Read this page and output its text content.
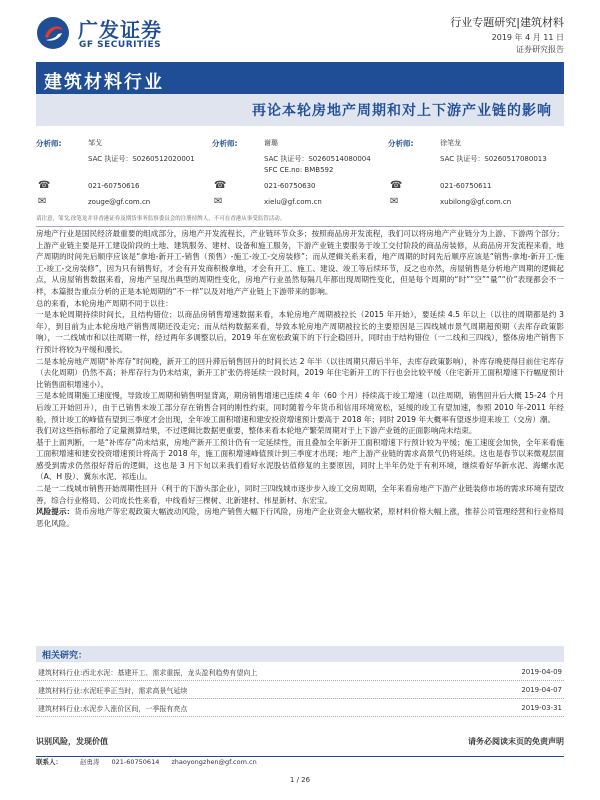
广发证券
GF SECURITIES
行业专题研究|建筑材料
2019 年 4 月 11 日
证券研究报告
建筑材料行业
再论本轮房地产周期和对上下游产业链的影响
分析师:	邹戈
SAC 执证号：S0260512020001
☎	021-60750616
✉	zouge@gf.com.cn
分析师:	谢璐
SAC 执证号：S0260514080004
SFC CE.no: BMB592
☎	021-60750630
✉	xielu@gf.com.cn
分析师:	徐笔龙
SAC 执证号：S0260517080013
☎	021-60750611
✉	xubilong@gf.com.cn
请注意，邹戈,徐笔龙并非香港证券及期货事务监察委员会的注册持牌人，不可在香港从事受监管活动。

房地产行业是国民经济最重要的组成部分，房地产开发流程长，产业链环节众多；按照商品房开发流程，我们可以将房地产产业链分为上游、下游两个部分；上游产业链主要是开工建设阶段的土地、建筑服务、建材、设备和施工服务，下游产业链主要服务于竣工交付阶段的商品房装修，从商品房开发流程来看，地产周期的时间先后顺序应该是“拿地-新开工-销售（预售）-施工-竣工-交房装修”；而从逻辑关系来看，地产周期的时间先后顺序应该是“销售-拿地-新开工-施工-竣工-交房装修”，因为只有销售好，才会有开发商积极拿地，才会有开工、施工、建设、竣工等后续环节，反之也亦然，房屋销售是分析地产周期的逻辑起点，从房屋销售数据来看，房地产呈现出典型的周期性变化，房地产行业虽然每隔几年都出现周期性变化，但是每个周期的“时”“空”“量”“价”表现都会不一样，本篇报告重点分析的正是本轮周期的“不一样”以及对地产产业链上下游带来的影响。

总的来看，本轮房地产周期不同于以往：

一是本轮周期持续时间长，且结构错位；以商品房销售增速数据来看，本轮房地产周期被拉长（2015 年开始），要延续 4.5 年以上（以往的周期都是约 3 年），到目前为止本轮房地产销售周期还没走完；而从结构数据来看，导致本轮房地产周期被拉长的主要原因是三四线城市景气周期超预期（去库存政策影响），一二线城市和以往周期一样，经过两年多调整以后，2019 年在宽松政策下的下行企稳回升，同时由于结构错位（一二线和三四线），整体房地产销售下行预计将较为平缓和漫长。

二是本轮房地产周期“补库存”时间晚，新开工的回升滞后销售回升的时间长达 2 年半（以往周期只滞后半年，去库存政策影响），补库存晚使得目前住宅库存（去化周期）仍然不高；补库存行为仍未结束，新开工扩张仍将延续一段时间，2019 年住宅新开工的下行也会比较平缓（住宅新开工面积增速下行幅度预计比销售面积增速小）。

三是本轮周期施工速度慢，导致竣工周期和销售明显背离，期房销售增速已连续 4 年（60 个月）持续高于竣工增速（以往周期，销售回升后大概 15-24 个月后竣工开始回升），由于已销售未竣工部分存在销售合同的刚性约束，同时随着今年货币和信用环境宽松，延缓的竣工有望加速，参照 2010 年-2011 年经验，预计竣工的峰值有望到三季度才会出现，全年竣工面积增速和建安投资增速预计要高于 2018 年；同时 2019 年大概率有望逐步迎来竣工（交房）潮。

我们对这些指标都给了定量测算结果，不过逻辑比数据更重要，整体来看本轮地产繁荣周期对于上下游产业链的正面影响尚未结束。

基于上面判断，一是“补库存”尚未结束，房地产新开工预计仍有一定延续性，而且叠加全年新开工面积增速下行预计较为平缓；施工速度会加快，全年来看施工面积增速和建安投资增速预计将高于 2018 年，施工面积增速峰值预计到三季度才出现；地产上游产业链的需求高景气仍将延续。这也是春节以来微观层面感受到需求仍然很好背后的逻辑，这也是 3 月下旬以来我们看好水泥股估值修复的主要原因，同时上半年仍处于有利环境，继续看好华新水泥、海螺水泥（A、H 股）、冀东水泥、祁连山。

二是一二线城市销售开始周期性回升（利于的下游头部企业），同时三四线城市逐步步入竣工交房周期，全年来看房地产下游产业链装修市场的需求环境有望改善，综合行业格局、公司成长性来看，中线看好三棵树、北新建材、伟星新材、东宏宝。

风险提示：货币房地产等宏观政策大幅波动风险，房地产销售大幅下行风险，房地产企业资金大幅收紧，原材料价格大幅上涨，推荐公司管理经营和行业格局恶化风险。

相关研究：
建筑材料行业:西北水泥：基建开工、需求重振，龙头盈利趋势有望向上	2019-04-09
建筑材料行业:水泥旺季正当时，需求高景气延续	2019-04-07
建筑材料行业:水泥步入涨价区间，一季报有亮点	2019-03-31
识别风险，发现价值	请务必阅读末页的免责声明
联系人：	赵勇涛 021-60750614 zhaoyongzhen@gf.com.cn
1 / 26
